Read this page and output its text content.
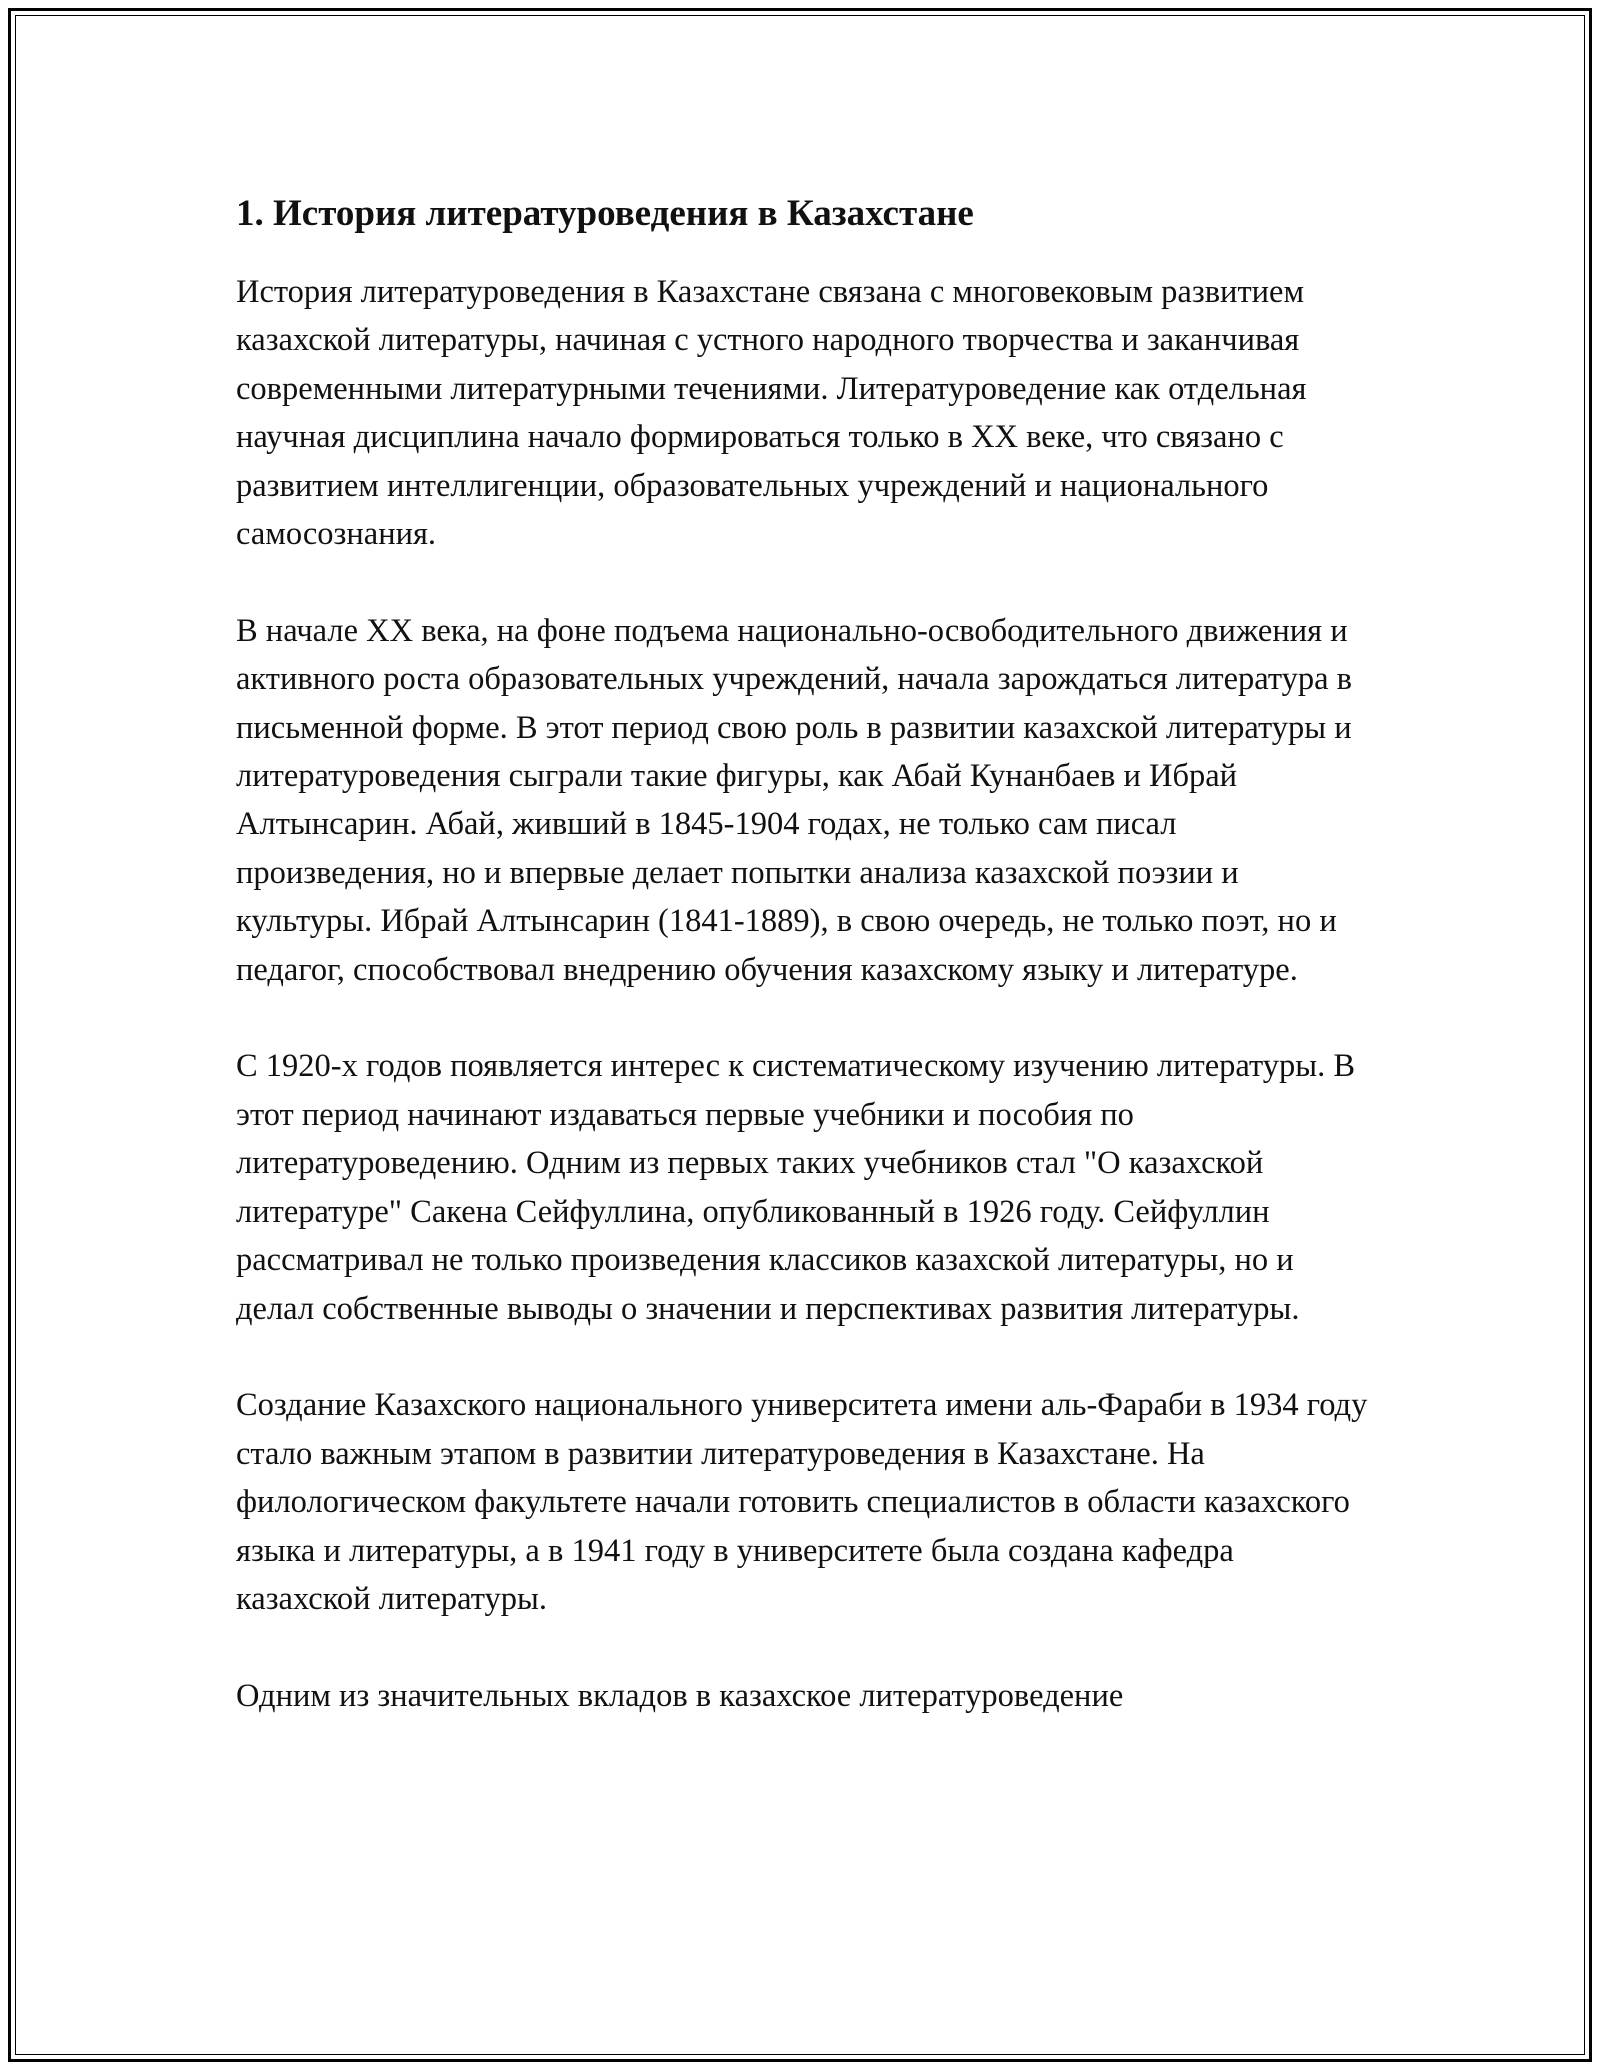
1. История литературоведения в Казахстане

История литературоведения в Казахстане связана с многовековым развитием казахской литературы, начиная с устного народного творчества и заканчивая современными литературными течениями. Литературоведение как отдельная научная дисциплина начало формироваться только в XX веке, что связано с развитием интеллигенции, образовательных учреждений и национального самосознания.

В начале XX века, на фоне подъема национально-освободительного движения и активного роста образовательных учреждений, начала зарождаться литература в письменной форме. В этот период свою роль в развитии казахской литературы и литературоведения сыграли такие фигуры, как Абай Кунанбаев и Ибрай Алтынсарин. Абай, живший в 1845-1904 годах, не только сам писал произведения, но и впервые делает попытки анализа казахской поэзии и культуры. Ибрай Алтынсарин (1841-1889), в свою очередь, не только поэт, но и педагог, способствовал внедрению обучения казахскому языку и литературе.

С 1920-х годов появляется интерес к систематическому изучению литературы. В этот период начинают издаваться первые учебники и пособия по литературоведению. Одним из первых таких учебников стал "О казахской литературе" Сакена Сейфуллина, опубликованный в 1926 году. Сейфуллин рассматривал не только произведения классиков казахской литературы, но и делал собственные выводы о значении и перспективах развития литературы.

Создание Казахского национального университета имени аль-Фараби в 1934 году стало важным этапом в развитии литературоведения в Казахстане. На филологическом факультете начали готовить специалистов в области казахского языка и литературы, а в 1941 году в университете была создана кафедра казахской литературы.

Одним из значительных вкладов в казахское литературоведение
